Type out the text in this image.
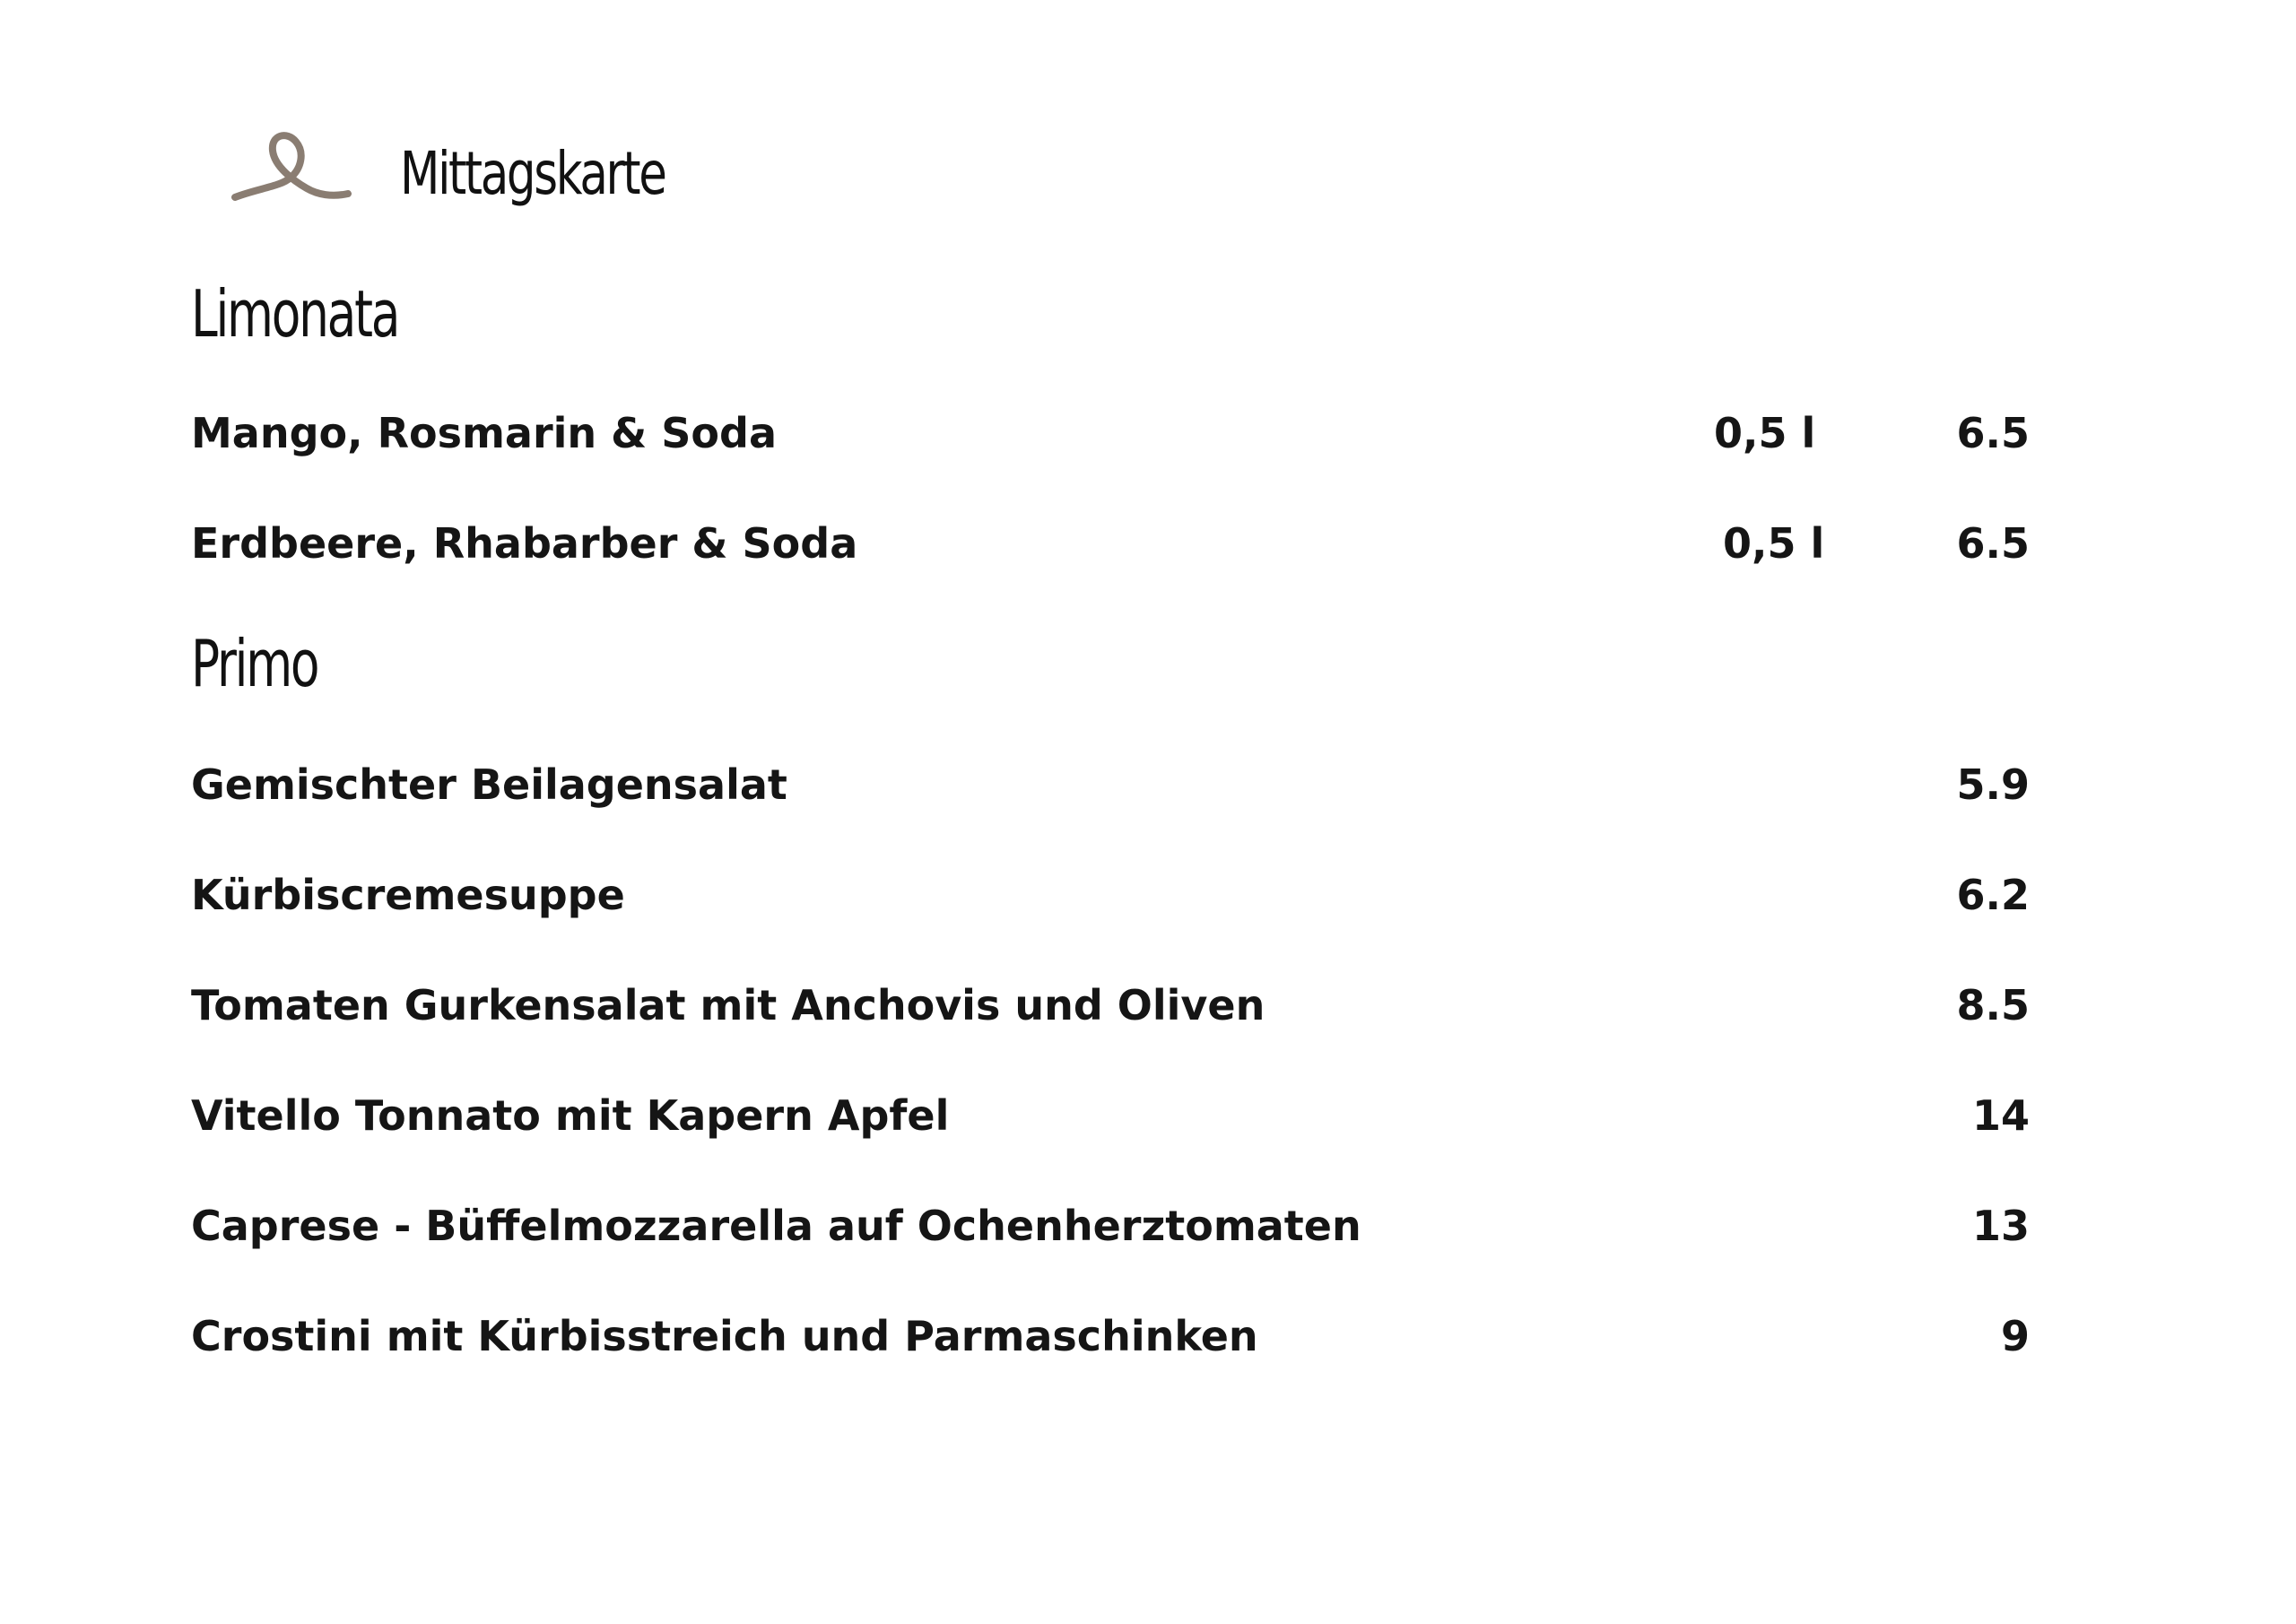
Mittagskarte
Limonata
Mango, Rosmarin & Soda	0,5 l	6.5
Erdbeere, Rhabarber & Soda	0,5 l	6.5
Primo
Gemischter Beilagensalat	5.9
Kürbiscremesuppe	6.2
Tomaten Gurkensalat mit Anchovis und Oliven	8.5
Vitello Tonnato mit Kapern Apfel	14
Caprese - Büffelmozzarella auf Ochenherztomaten	13
Crostini mit Kürbisstreich und Parmaschinken	9
